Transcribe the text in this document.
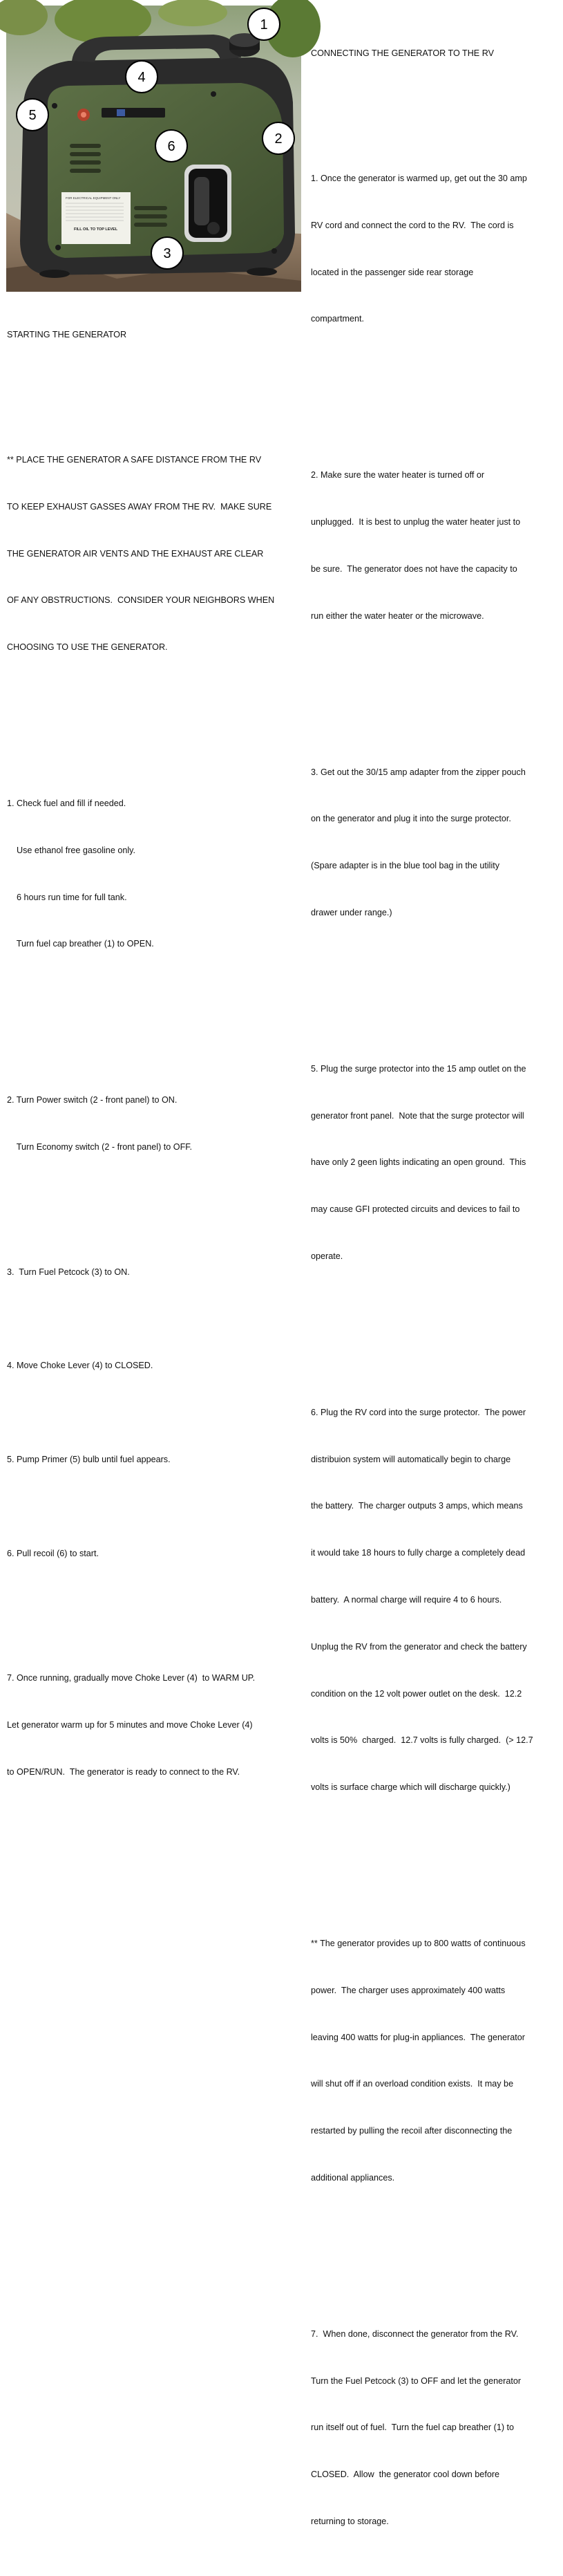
FOR ELECTRICAL EQUIPMENT ONLY
FILL OIL TO TOP LEVEL
1
2
3
4
5
6

STARTING THE GENERATOR

** PLACE THE GENERATOR A SAFE DISTANCE FROM THE RV

TO KEEP EXHAUST GASSES AWAY FROM THE RV.  MAKE SURE

THE GENERATOR AIR VENTS AND THE EXHAUST ARE CLEAR

OF ANY OBSTRUCTIONS.  CONSIDER YOUR NEIGHBORS WHEN

CHOOSING TO USE THE GENERATOR.

1. Check fuel and fill if needed.

Use ethanol free gasoline only.

6 hours run time for full tank.

Turn fuel cap breather (1) to OPEN.

2. Turn Power switch (2 - front panel) to ON.

Turn Economy switch (2 - front panel) to OFF.

3.  Turn Fuel Petcock (3) to ON.

4. Move Choke Lever (4) to CLOSED.

5. Pump Primer (5) bulb until fuel appears.

6. Pull recoil (6) to start.

7. Once running, gradually move Choke Lever (4)  to WARM UP.

Let generator warm up for 5 minutes and move Choke Lever (4)

to OPEN/RUN.  The generator is ready to connect to the RV.

CONNECTING THE GENERATOR TO THE RV

1. Once the generator is warmed up, get out the 30 amp

RV cord and connect the cord to the RV.  The cord is

located in the passenger side rear storage

compartment.

2. Make sure the water heater is turned off or

unplugged.  It is best to unplug the water heater just to

be sure.  The generator does not have the capacity to

run either the water heater or the microwave.

3. Get out the 30/15 amp adapter from the zipper pouch

on the generator and plug it into the surge protector.

(Spare adapter is in the blue tool bag in the utility

drawer under range.)

5. Plug the surge protector into the 15 amp outlet on the

generator front panel.  Note that the surge protector will

have only 2 geen lights indicating an open ground.  This

may cause GFI protected circuits and devices to fail to

operate.

6. Plug the RV cord into the surge protector.  The power

distribuion system will automatically begin to charge

the battery.  The charger outputs 3 amps, which means

it would take 18 hours to fully charge a completely dead

battery.  A normal charge will require 4 to 6 hours.

Unplug the RV from the generator and check the battery

condition on the 12 volt power outlet on the desk.  12.2

volts is 50%  charged.  12.7 volts is fully charged.  (> 12.7

volts is surface charge which will discharge quickly.)

** The generator provides up to 800 watts of continuous

power.  The charger uses approximately 400 watts

leaving 400 watts for plug-in appliances.  The generator

will shut off if an overload condition exists.  It may be

restarted by pulling the recoil after disconnecting the

additional appliances.

7.  When done, disconnect the generator from the RV.

Turn the Fuel Petcock (3) to OFF and let the generator

run itself out of fuel.  Turn the fuel cap breather (1) to

CLOSED.  Allow  the generator cool down before

returning to storage.
